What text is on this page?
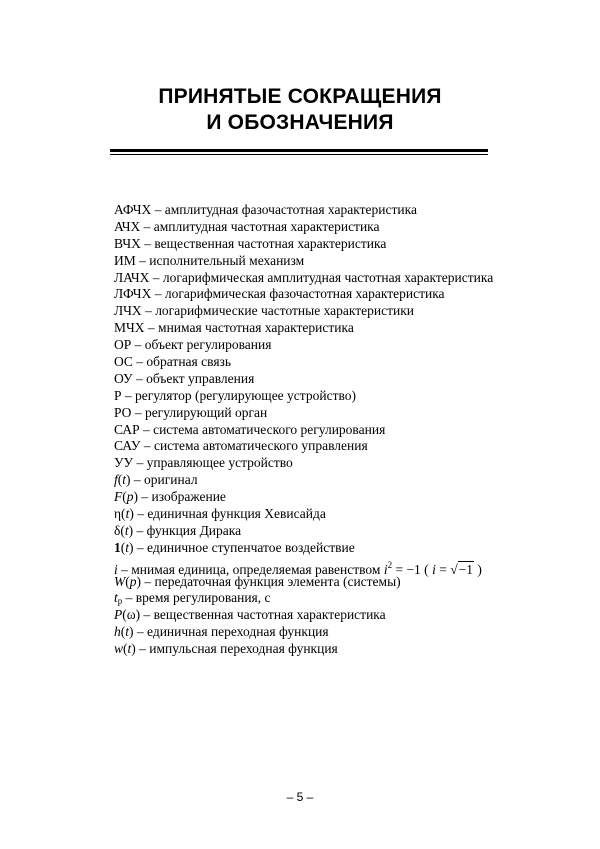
ПРИНЯТЫЕ СОКРАЩЕНИЯ
И ОБОЗНАЧЕНИЯ
АФЧХ – амплитудная фазочастотная характеристика
АЧХ – амплитудная частотная характеристика
ВЧХ – вещественная частотная характеристика
ИМ – исполнительный механизм
ЛАЧХ – логарифмическая амплитудная частотная характеристика
ЛФЧХ – логарифмическая фазочастотная характеристика
ЛЧХ – логарифмические частотные характеристики
МЧХ – мнимая частотная характеристика
ОР – объект регулирования
ОС – обратная связь
ОУ – объект управления
Р – регулятор (регулирующее устройство)
РО – регулирующий орган
САР – система автоматического регулирования
САУ – система автоматического управления
УУ – управляющее устройство
f(t) – оригинал
F(p) – изображение
η(t) – единичная функция Хевисайда
δ(t) – функция Дирака
1(t) – единичное ступенчатое воздействие
i – мнимая единица, определяемая равенством $i^2 = -1$ ( i = √−1 )
W(p) – передаточная функция элемента (системы)
$t_р$ – время регулирования, с
P(ω) – вещественная частотная характеристика
h(t) – единичная переходная функция
w(t) – импульсная переходная функция
– 5 –
